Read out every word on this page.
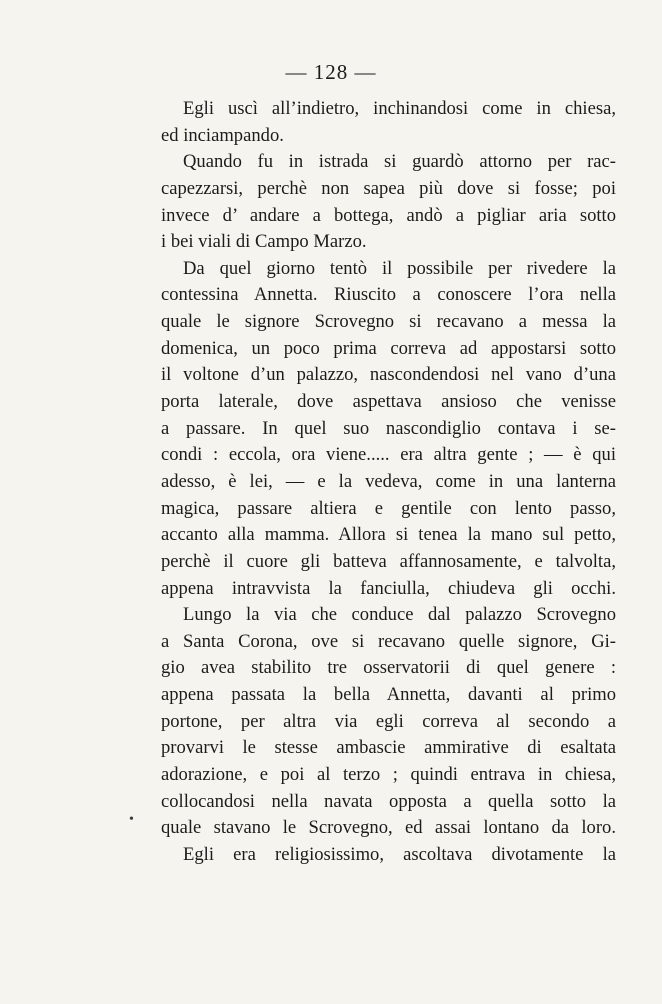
— 128 —
Egli uscì all’indietro, inchinandosi come in chiesa,
ed inciampando.
Quando fu in istrada si guardò attorno per rac-
capezzarsi, perchè non sapea più dove si fosse; poi
invece d’ andare a bottega, andò a pigliar aria sotto
i bei viali di Campo Marzo.
Da quel giorno tentò il possibile per rivedere la
contessina Annetta. Riuscito a conoscere l’ora nella
quale le signore Scrovegno si recavano a messa la
domenica, un poco prima correva ad appostarsi sotto
il voltone d’un palazzo, nascondendosi nel vano d’una
porta laterale, dove aspettava ansioso che venisse
a passare. In quel suo nascondiglio contava i se-
condi : eccola, ora viene..... era altra gente ; — è qui
adesso, è lei, — e la vedeva, come in una lanterna
magica, passare altiera e gentile con lento passo,
accanto alla mamma. Allora si tenea la mano sul petto,
perchè il cuore gli batteva affannosamente, e talvolta,
appena intravvista la fanciulla, chiudeva gli occhi.
Lungo la via che conduce dal palazzo Scrovegno
a Santa Corona, ove si recavano quelle signore, Gi-
gio avea stabilito tre osservatorii di quel genere :
appena passata la bella Annetta, davanti al primo
portone, per altra via egli correva al secondo a
provarvi le stesse ambascie ammirative di esaltata
adorazione, e poi al terzo ; quindi entrava in chiesa,
collocandosi nella navata opposta a quella sotto la
quale stavano le Scrovegno, ed assai lontano da loro.
Egli era religiosissimo, ascoltava divotamente la
•
